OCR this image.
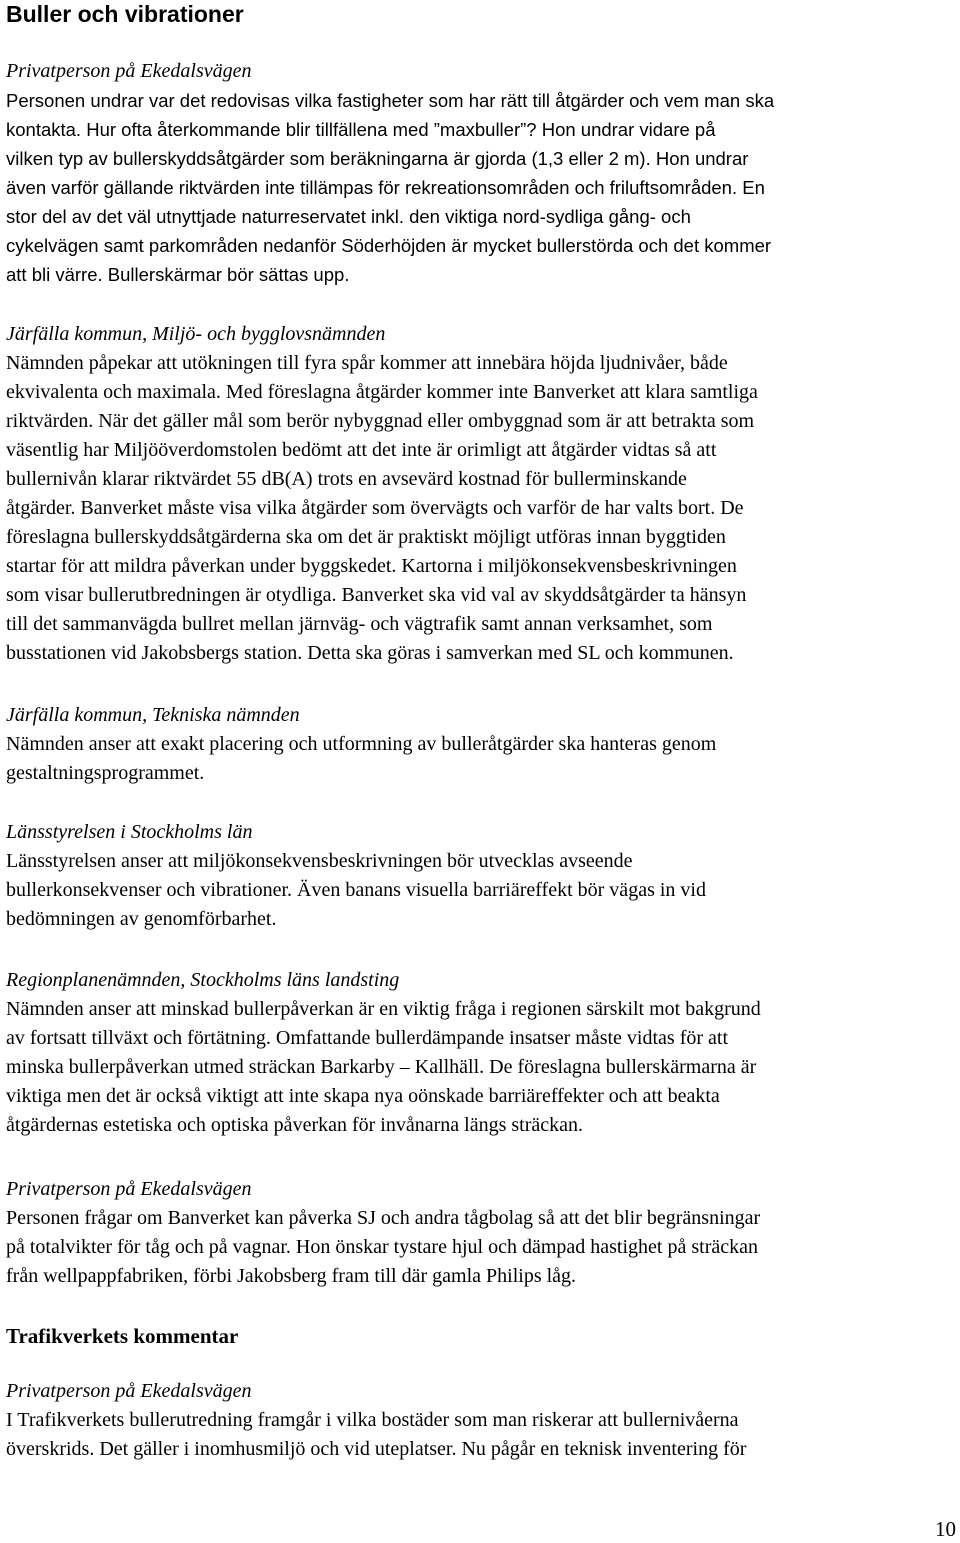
Buller och vibrationer

Privatperson på Ekedalsvägen

Personen undrar var det redovisas vilka fastigheter som har rätt till åtgärder och vem man ska
kontakta. Hur ofta återkommande blir tillfällena med ”maxbuller”? Hon undrar vidare på
vilken typ av bullerskyddsåtgärder som beräkningarna är gjorda (1,3 eller 2 m). Hon undrar
även varför gällande riktvärden inte tillämpas för rekreationsområden och friluftsområden. En
stor del av det väl utnyttjade naturreservatet inkl. den viktiga nord-sydliga gång- och
cykelvägen samt parkområden nedanför Söderhöjden är mycket bullerstörda och det kommer
att bli värre. Bullerskärmar bör sättas upp.

Järfälla kommun, Miljö- och bygglovsnämnden

Nämnden påpekar att utökningen till fyra spår kommer att innebära höjda ljudnivåer, både
ekvivalenta och maximala. Med föreslagna åtgärder kommer inte Banverket att klara samtliga
riktvärden. När det gäller mål som berör nybyggnad eller ombyggnad som är att betrakta som
väsentlig har Miljööverdomstolen bedömt att det inte är orimligt att åtgärder vidtas så att
bullernivån klarar riktvärdet 55 dB(A) trots en avsevärd kostnad för bullerminskande
åtgärder. Banverket måste visa vilka åtgärder som övervägts och varför de har valts bort. De
föreslagna bullerskyddsåtgärderna ska om det är praktiskt möjligt utföras innan byggtiden
startar för att mildra påverkan under byggskedet. Kartorna i miljökonsekvensbeskrivningen
som visar bullerutbredningen är otydliga. Banverket ska vid val av skyddsåtgärder ta hänsyn
till det sammanvägda bullret mellan järnväg- och vägtrafik samt annan verksamhet, som
busstationen vid Jakobsbergs station. Detta ska göras i samverkan med SL och kommunen.

Järfälla kommun, Tekniska nämnden

Nämnden anser att exakt placering och utformning av bulleråtgärder ska hanteras genom
gestaltningsprogrammet.

Länsstyrelsen i Stockholms län

Länsstyrelsen anser att miljökonsekvensbeskrivningen bör utvecklas avseende
bullerkonsekvenser och vibrationer. Även banans visuella barriäreffekt bör vägas in vid
bedömningen av genomförbarhet.

Regionplanenämnden, Stockholms läns landsting

Nämnden anser att minskad bullerpåverkan är en viktig fråga i regionen särskilt mot bakgrund
av fortsatt tillväxt och förtätning. Omfattande bullerdämpande insatser måste vidtas för att
minska bullerpåverkan utmed sträckan Barkarby – Kallhäll. De föreslagna bullerskärmarna är
viktiga men det är också viktigt att inte skapa nya oönskade barriäreffekter och att beakta
åtgärdernas estetiska och optiska påverkan för invånarna längs sträckan.

Privatperson på Ekedalsvägen

Personen frågar om Banverket kan påverka SJ och andra tågbolag så att det blir begränsningar
på totalvikter för tåg och på vagnar. Hon önskar tystare hjul och dämpad hastighet på sträckan
från wellpappfabriken, förbi Jakobsberg fram till där gamla Philips låg.

Trafikverkets kommentar

Privatperson på Ekedalsvägen

I Trafikverkets bullerutredning framgår i vilka bostäder som man riskerar att bullernivåerna
överskrids. Det gäller i inomhusmiljö och vid uteplatser. Nu pågår en teknisk inventering för

10
